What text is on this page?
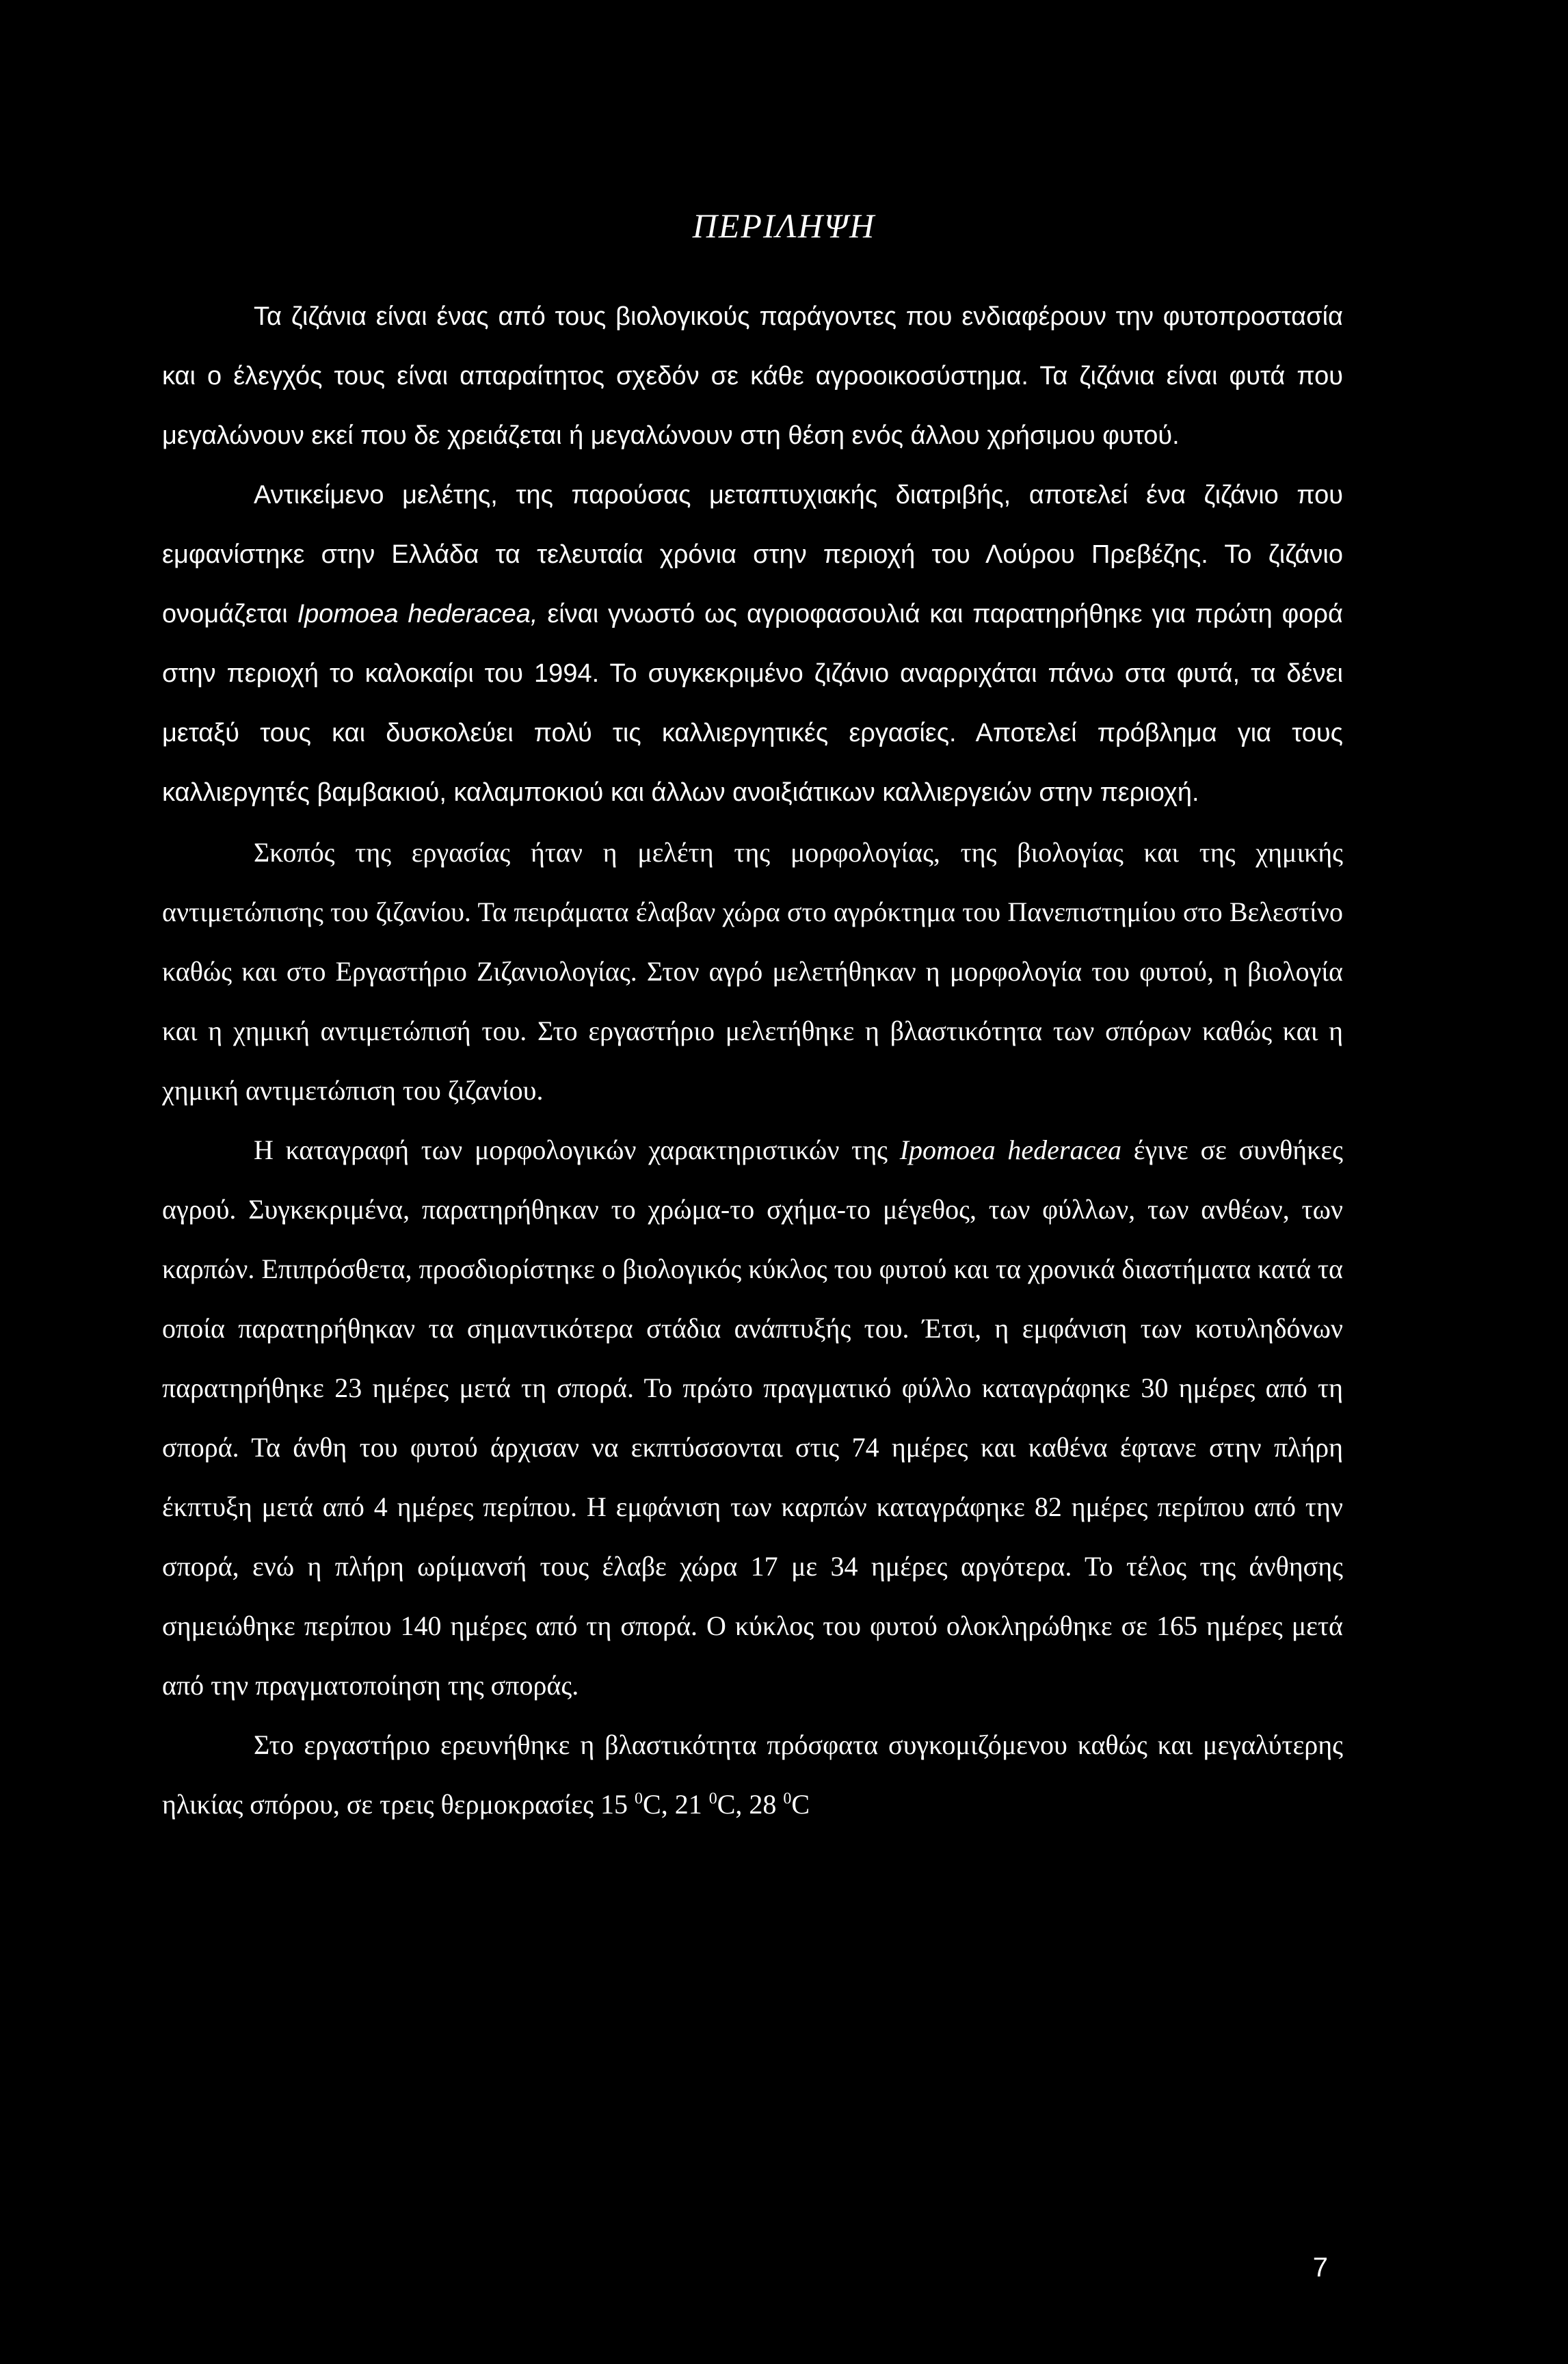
ΠΕΡΙΛΗΨΗ

Τα ζιζάνια είναι ένας από τους βιολογικούς παράγοντες που ενδιαφέρουν την φυτοπροστασία και ο έλεγχός τους είναι απαραίτητος σχεδόν σε κάθε αγροοικοσύστημα. Τα ζιζάνια είναι φυτά που μεγαλώνουν εκεί που δε χρειάζεται ή μεγαλώνουν στη θέση ενός άλλου χρήσιμου φυτού.

Αντικείμενο μελέτης, της παρούσας μεταπτυχιακής διατριβής, αποτελεί ένα ζιζάνιο που εμφανίστηκε στην Ελλάδα τα τελευταία χρόνια στην περιοχή του Λούρου Πρεβέζης. Το ζιζάνιο ονομάζεται Ipomoea hederacea, είναι γνωστό ως αγριοφασουλιά και παρατηρήθηκε για πρώτη φορά στην περιοχή το καλοκαίρι του 1994. Το συγκεκριμένο ζιζάνιο αναρριχάται πάνω στα φυτά, τα δένει μεταξύ τους και δυσκολεύει πολύ τις καλλιεργητικές εργασίες. Αποτελεί πρόβλημα για τους καλλιεργητές βαμβακιού, καλαμποκιού και άλλων ανοιξιάτικων καλλιεργειών στην περιοχή.

Σκοπός της εργασίας ήταν η μελέτη της μορφολογίας, της βιολογίας και της χημικής αντιμετώπισης του ζιζανίου. Τα πειράματα έλαβαν χώρα στο αγρόκτημα του Πανεπιστημίου στο Βελεστίνο καθώς και στο Εργαστήριο Ζιζανιολογίας. Στον αγρό μελετήθηκαν η μορφολογία του φυτού, η βιολογία και η χημική αντιμετώπισή του. Στο εργαστήριο μελετήθηκε η βλαστικότητα των σπόρων καθώς και η χημική αντιμετώπιση του ζιζανίου.

Η καταγραφή των μορφολογικών χαρακτηριστικών της Ipomoea hederacea έγινε σε συνθήκες αγρού. Συγκεκριμένα, παρατηρήθηκαν το χρώμα-το σχήμα-το μέγεθος, των φύλλων, των ανθέων, των καρπών. Επιπρόσθετα, προσδιορίστηκε ο βιολογικός κύκλος του φυτού και τα χρονικά διαστήματα κατά τα οποία παρατηρήθηκαν τα σημαντικότερα στάδια ανάπτυξής του. Έτσι, η εμφάνιση των κοτυληδόνων παρατηρήθηκε 23 ημέρες μετά τη σπορά. Το πρώτο πραγματικό φύλλο καταγράφηκε 30 ημέρες από τη σπορά. Τα άνθη του φυτού άρχισαν να εκπτύσσονται στις 74 ημέρες και καθένα έφτανε στην πλήρη έκπτυξη μετά από 4 ημέρες περίπου. Η εμφάνιση των καρπών καταγράφηκε 82 ημέρες περίπου από την σπορά, ενώ η πλήρη ωρίμανσή τους έλαβε χώρα 17 με 34 ημέρες αργότερα. Το τέλος της άνθησης σημειώθηκε περίπου 140 ημέρες από τη σπορά. Ο κύκλος του φυτού ολοκληρώθηκε σε 165 ημέρες μετά από την πραγματοποίηση της σποράς.

Στο εργαστήριο ερευνήθηκε η βλαστικότητα πρόσφατα συγκομιζόμενου καθώς και μεγαλύτερης ηλικίας σπόρου, σε τρεις θερμοκρασίες 15 $^0$C, 21 $^0$C, 28 $^0$C

7
